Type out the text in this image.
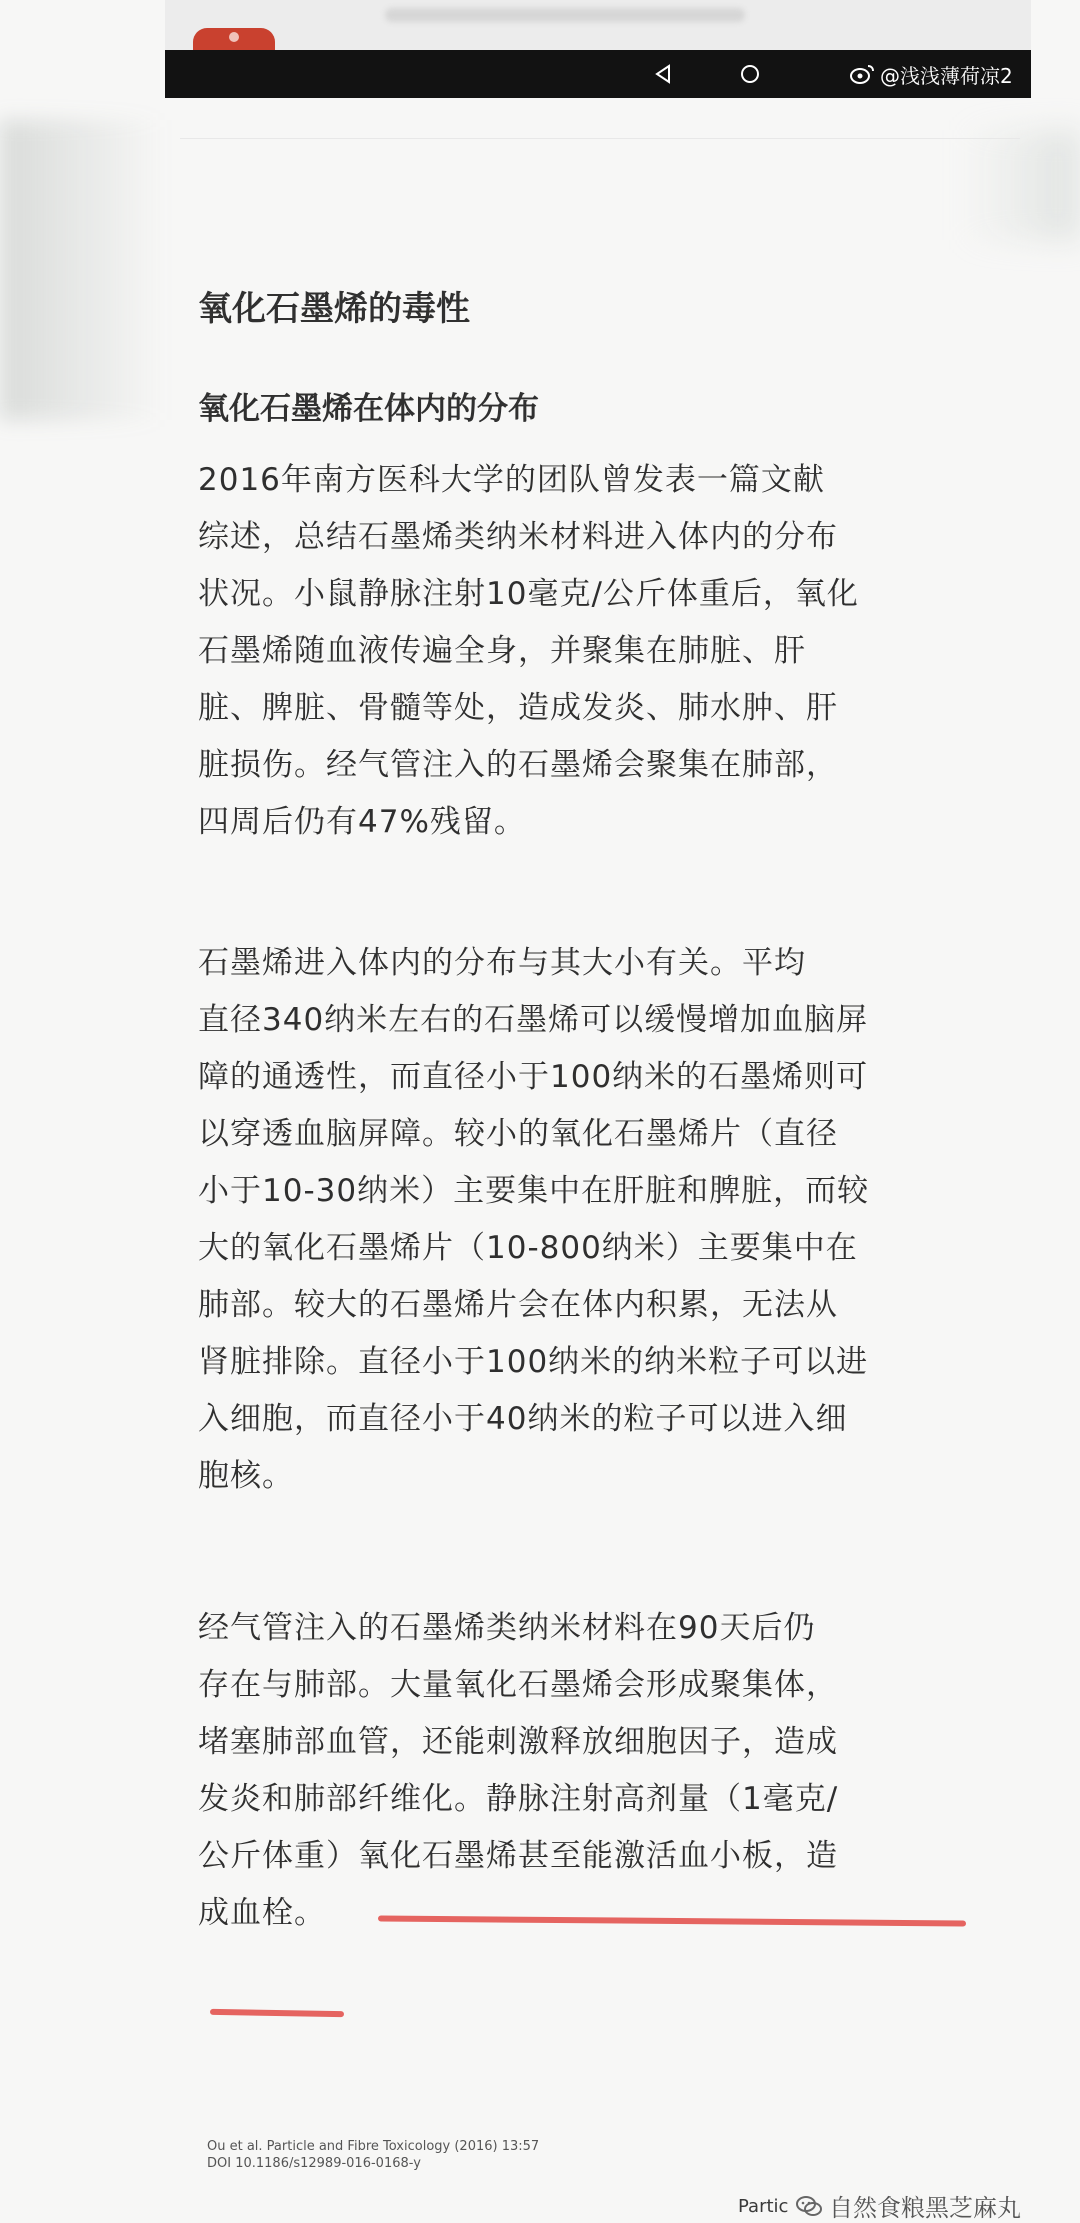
@浅浅薄荷凉2
氧化石墨烯的毒性
氧化石墨烯在体内的分布

2016年南方医科大学的团队曾发表一篇文献
综述，总结石墨烯类纳米材料进入体内的分布
状况。小鼠静脉注射10毫克/公斤体重后，氧化
石墨烯随血液传遍全身，并聚集在肺脏、肝
脏、脾脏、骨髓等处，造成发炎、肺水肿、肝
脏损伤。经气管注入的石墨烯会聚集在肺部，
四周后仍有47%残留。

石墨烯进入体内的分布与其大小有关。平均
直径340纳米左右的石墨烯可以缓慢增加血脑屏
障的通透性，而直径小于100纳米的石墨烯则可
以穿透血脑屏障。较小的氧化石墨烯片（直径
小于10-30纳米）主要集中在肝脏和脾脏，而较
大的氧化石墨烯片（10-800纳米）主要集中在
肺部。较大的石墨烯片会在体内积累，无法从
肾脏排除。直径小于100纳米的纳米粒子可以进
入细胞，而直径小于40纳米的粒子可以进入细
胞核。

经气管注入的石墨烯类纳米材料在90天后仍
存在与肺部。大量氧化石墨烯会形成聚集体，
堵塞肺部血管，还能刺激释放细胞因子，造成
发炎和肺部纤维化。静脉注射高剂量（1毫克/
公斤体重）氧化石墨烯甚至能激活血小板，造
成血栓。

Ou et al. Particle and Fibre Toxicology (2016) 13:57
DOI 10.1186/s12989-016-0168-y
Partic 自然食粮黑芝麻丸
